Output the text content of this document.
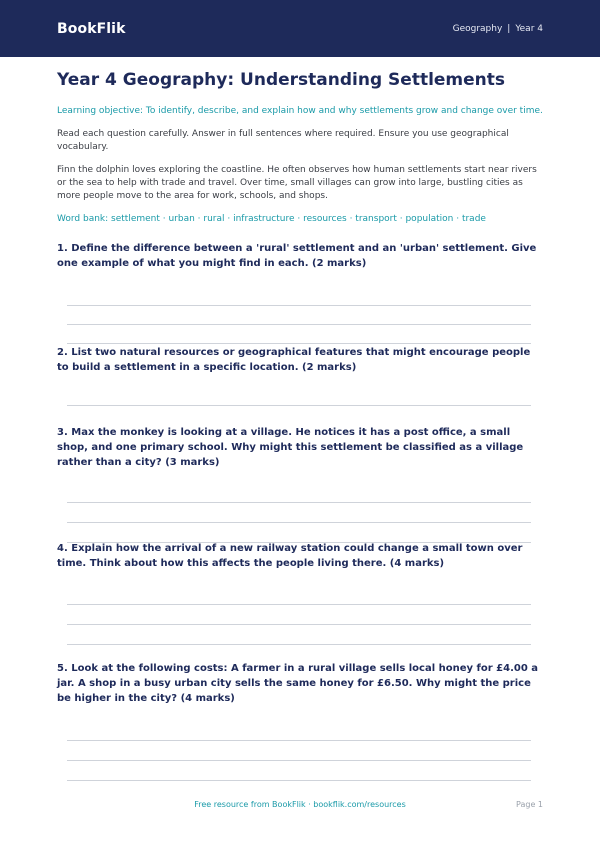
BookFlik	Geography | Year 4
Year 4 Geography: Understanding Settlements

Learning objective: To identify, describe, and explain how and why settlements grow and change over time.

Read each question carefully. Answer in full sentences where required. Ensure you use geographical vocabulary.

Finn the dolphin loves exploring the coastline. He often observes how human settlements start near rivers or the sea to help with trade and travel. Over time, small villages can grow into large, bustling cities as more people move to the area for work, schools, and shops.

Word bank: settlement · urban · rural · infrastructure · resources · transport · population · trade

1. Define the difference between a 'rural' settlement and an 'urban' settlement. Give one example of what you might find in each. (2 marks)

2. List two natural resources or geographical features that might encourage people to build a settlement in a specific location. (2 marks)

3. Max the monkey is looking at a village. He notices it has a post office, a small shop, and one primary school. Why might this settlement be classified as a village rather than a city? (3 marks)

4. Explain how the arrival of a new railway station could change a small town over time. Think about how this affects the people living there. (4 marks)

5. Look at the following costs: A farmer in a rural village sells local honey for £4.00 a jar. A shop in a busy urban city sells the same honey for £6.50. Why might the price be higher in the city? (4 marks)

Free resource from BookFlik · bookflik.com/resources	Page 1
